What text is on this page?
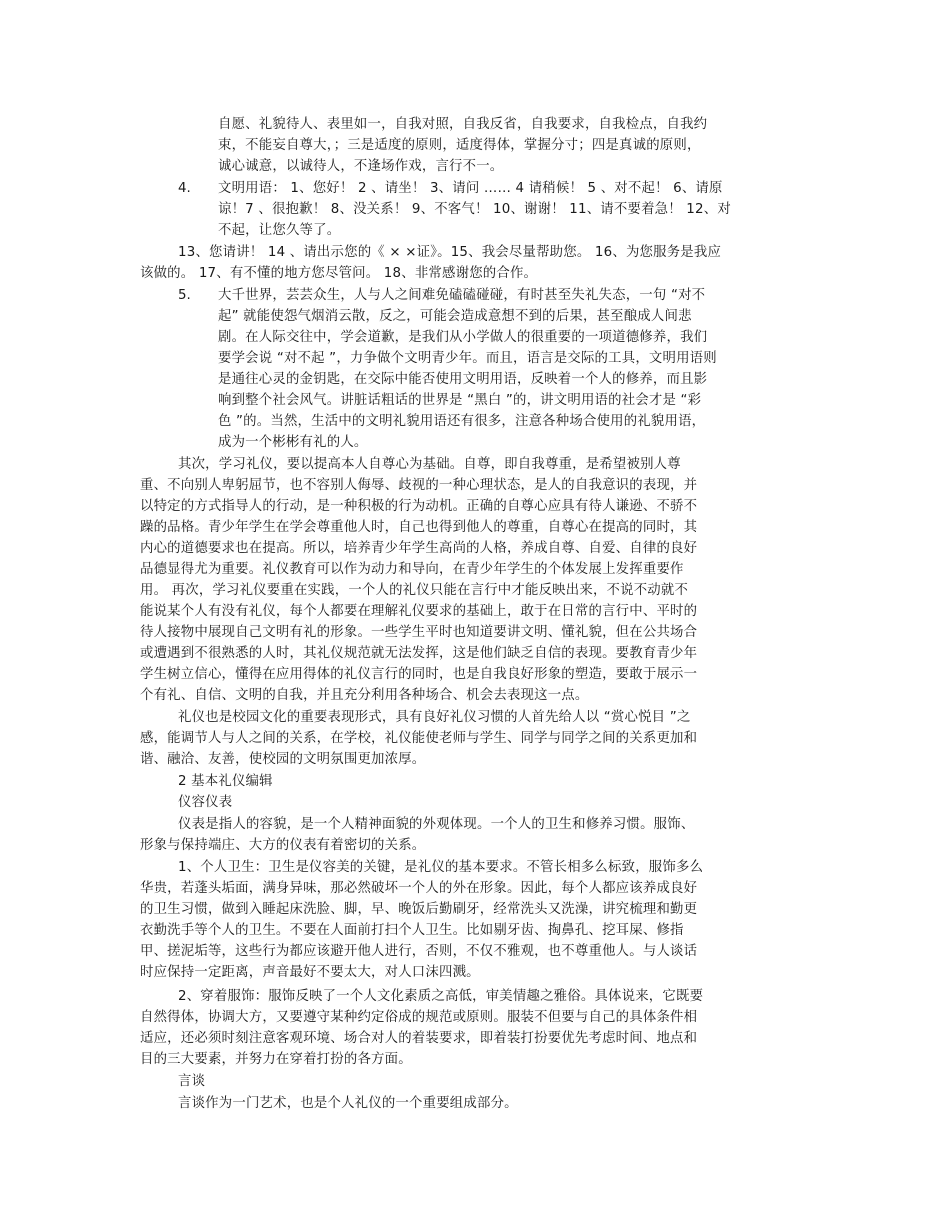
自愿、礼貌待人、表里如一，自我对照，自我反省，自我要求，自我检点，自我约
束，不能妄自尊大，；三是适度的原则，适度得体，掌握分寸；四是真诚的原则，
诚心诚意，以诚待人，不逢场作戏，言行不一。
4. 文明用语： 1、您好！ 2 、请坐！ 3、请问 …… 4 请稍候！ 5 、对不起！ 6、请原
谅！7 、很抱歉！ 8、没关系！ 9、不客气！ 10、谢谢！ 11、请不要着急！ 12、对
不起，让您久等了。
13、您请讲！ 14 、请出示您的《 × ×证》。15、我会尽量帮助您。 16、为您服务是我应
该做的。 17、有不懂的地方您尽管问。 18、非常感谢您的合作。
5. 大千世界，芸芸众生，人与人之间难免磕磕碰碰，有时甚至失礼失态，一句 “对不
起” 就能使怨气烟消云散，反之，可能会造成意想不到的后果，甚至酿成人间悲
剧。在人际交往中，学会道歉，是我们从小学做人的很重要的一项道德修养，我们
要学会说 “对不起 ”，力争做个文明青少年。而且，语言是交际的工具，文明用语则
是通往心灵的金钥匙，在交际中能否使用文明用语，反映着一个人的修养，而且影
响到整个社会风气。讲脏话粗话的世界是 “黑白 ”的，讲文明用语的社会才是 “彩
色 ”的。当然，生活中的文明礼貌用语还有很多，注意各种场合使用的礼貌用语，
成为一个彬彬有礼的人。
其次，学习礼仪，要以提高本人自尊心为基础。自尊，即自我尊重，是希望被别人尊
重、不向别人卑躬屈节，也不容别人侮辱、歧视的一种心理状态，是人的自我意识的表现，并
以特定的方式指导人的行动，是一种积极的行为动机。正确的自尊心应具有待人谦逊、不骄不
躁的品格。青少年学生在学会尊重他人时，自己也得到他人的尊重，自尊心在提高的同时，其
内心的道德要求也在提高。所以，培养青少年学生高尚的人格，养成自尊、自爱、自律的良好
品德显得尤为重要。礼仪教育可以作为动力和导向，在青少年学生的个体发展上发挥重要作
用。 再次，学习礼仪要重在实践，一个人的礼仪只能在言行中才能反映出来，不说不动就不
能说某个人有没有礼仪，每个人都要在理解礼仪要求的基础上，敢于在日常的言行中、平时的
待人接物中展现自己文明有礼的形象。一些学生平时也知道要讲文明、懂礼貌，但在公共场合
或遭遇到不很熟悉的人时，其礼仪规范就无法发挥，这是他们缺乏自信的表现。要教育青少年
学生树立信心，懂得在应用得体的礼仪言行的同时，也是自我良好形象的塑造，要敢于展示一
个有礼、自信、文明的自我，并且充分利用各种场合、机会去表现这一点。
礼仪也是校园文化的重要表现形式，具有良好礼仪习惯的人首先给人以 “赏心悦目 ”之
感，能调节人与人之间的关系，在学校，礼仪能使老师与学生、同学与同学之间的关系更加和
谐、融洽、友善，使校园的文明氛围更加浓厚。
2 基本礼仪编辑
仪容仪表
仪表是指人的容貌，是一个人精神面貌的外观体现。一个人的卫生和修养习惯。服饰、
形象与保持端庄、大方的仪表有着密切的关系。
1、个人卫生：卫生是仪容美的关键，是礼仪的基本要求。不管长相多么标致，服饰多么
华贵，若蓬头垢面，满身异味，那必然破坏一个人的外在形象。因此，每个人都应该养成良好
的卫生习惯，做到入睡起床洗脸、脚，早、晚饭后勤刷牙，经常洗头又洗澡，讲究梳理和勤更
衣勤洗手等个人的卫生。不要在人面前打扫个人卫生。比如剔牙齿、掏鼻孔、挖耳屎、修指
甲、搓泥垢等，这些行为都应该避开他人进行，否则，不仅不雅观，也不尊重他人。与人谈话
时应保持一定距离，声音最好不要太大，对人口沫四溅。
2、穿着服饰：服饰反映了一个人文化素质之高低，审美情趣之雅俗。具体说来，它既要
自然得体，协调大方，又要遵守某种约定俗成的规范或原则。服装不但要与自己的具体条件相
适应，还必须时刻注意客观环境、场合对人的着装要求，即着装打扮要优先考虑时间、地点和
目的三大要素，并努力在穿着打扮的各方面。
言谈
言谈作为一门艺术，也是个人礼仪的一个重要组成部分。
